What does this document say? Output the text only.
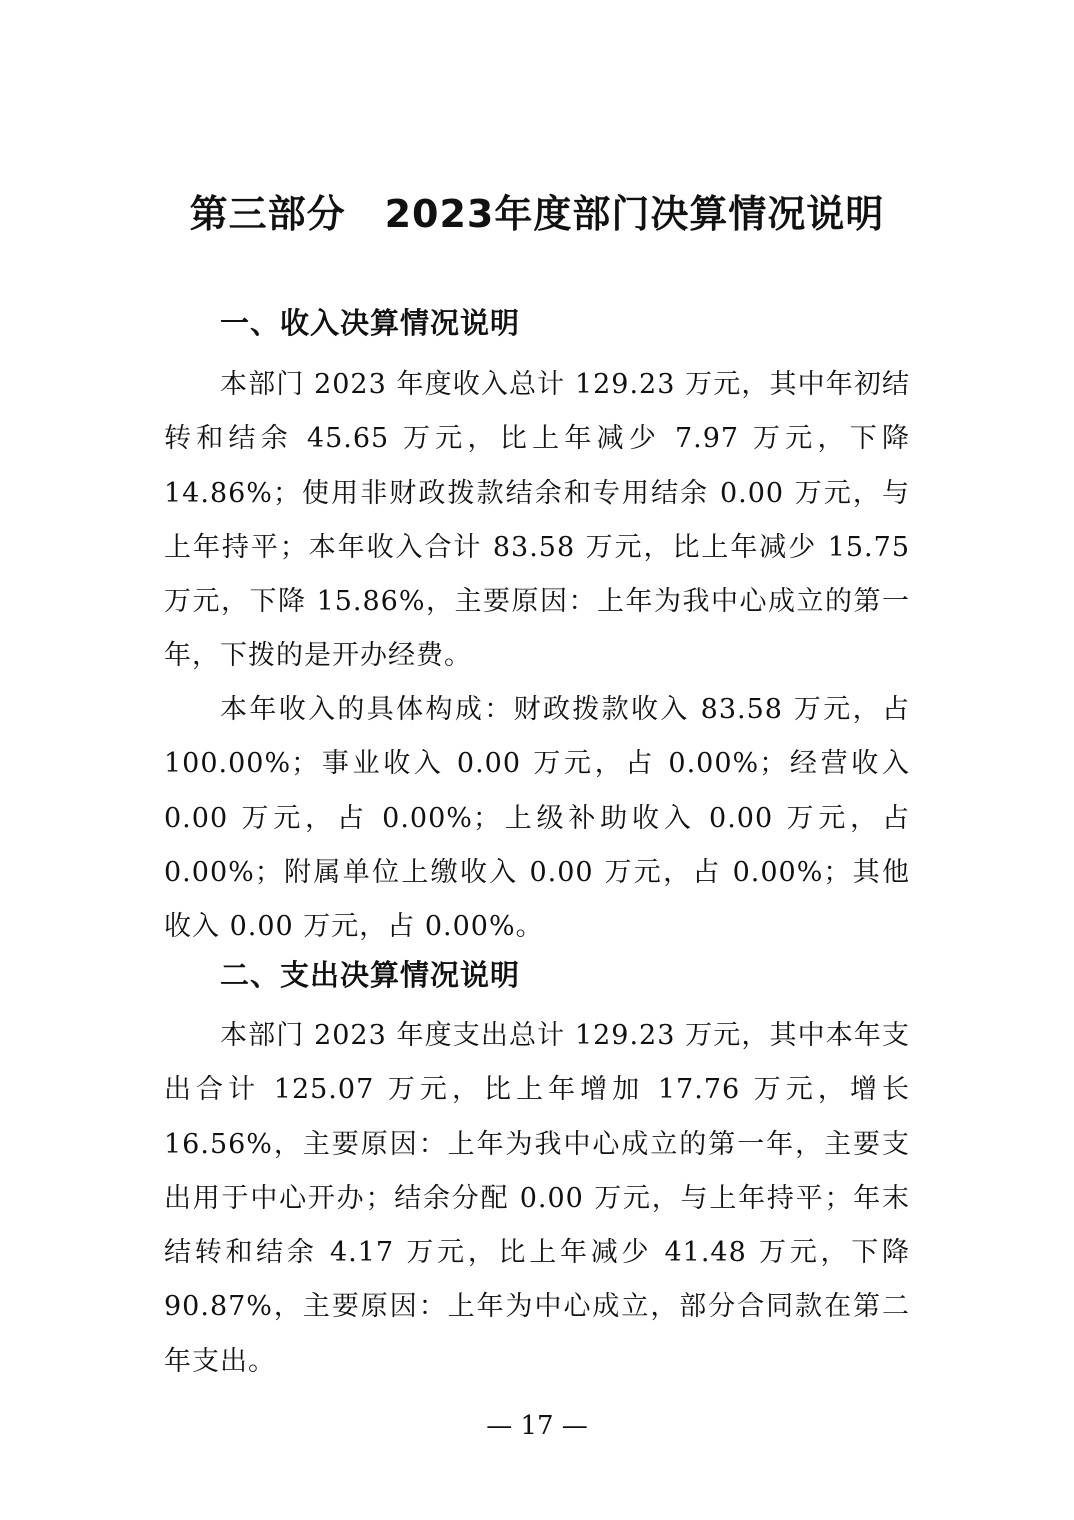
第三部分　2023年度部门决算情况说明
一、收入决算情况说明

本部门 2023 年度收入总计 129.23 万元，其中年初结转和结余 45.65 万元，比上年减少 7.97 万元，下降 14.86%；使用非财政拨款结余和专用结余 0.00 万元，与上年持平；本年收入合计 83.58 万元，比上年减少 15.75 万元，下降 15.86%，主要原因：上年为我中心成立的第一年，下拨的是开办经费。

本年收入的具体构成：财政拨款收入 83.58 万元，占 100.00%；事业收入 0.00 万元，占 0.00%；经营收入 0.00 万元，占 0.00%；上级补助收入 0.00 万元，占 0.00%；附属单位上缴收入 0.00 万元，占 0.00%；其他收入 0.00 万元，占 0.00%。

二、支出决算情况说明

本部门 2023 年度支出总计 129.23 万元，其中本年支出合计 125.07 万元，比上年增加 17.76 万元，增长 16.56%，主要原因：上年为我中心成立的第一年，主要支出用于中心开办；结余分配 0.00 万元，与上年持平；年末结转和结余 4.17 万元，比上年减少 41.48 万元，下降 90.87%，主要原因：上年为中心成立，部分合同款在第二年支出。

— 17 —
